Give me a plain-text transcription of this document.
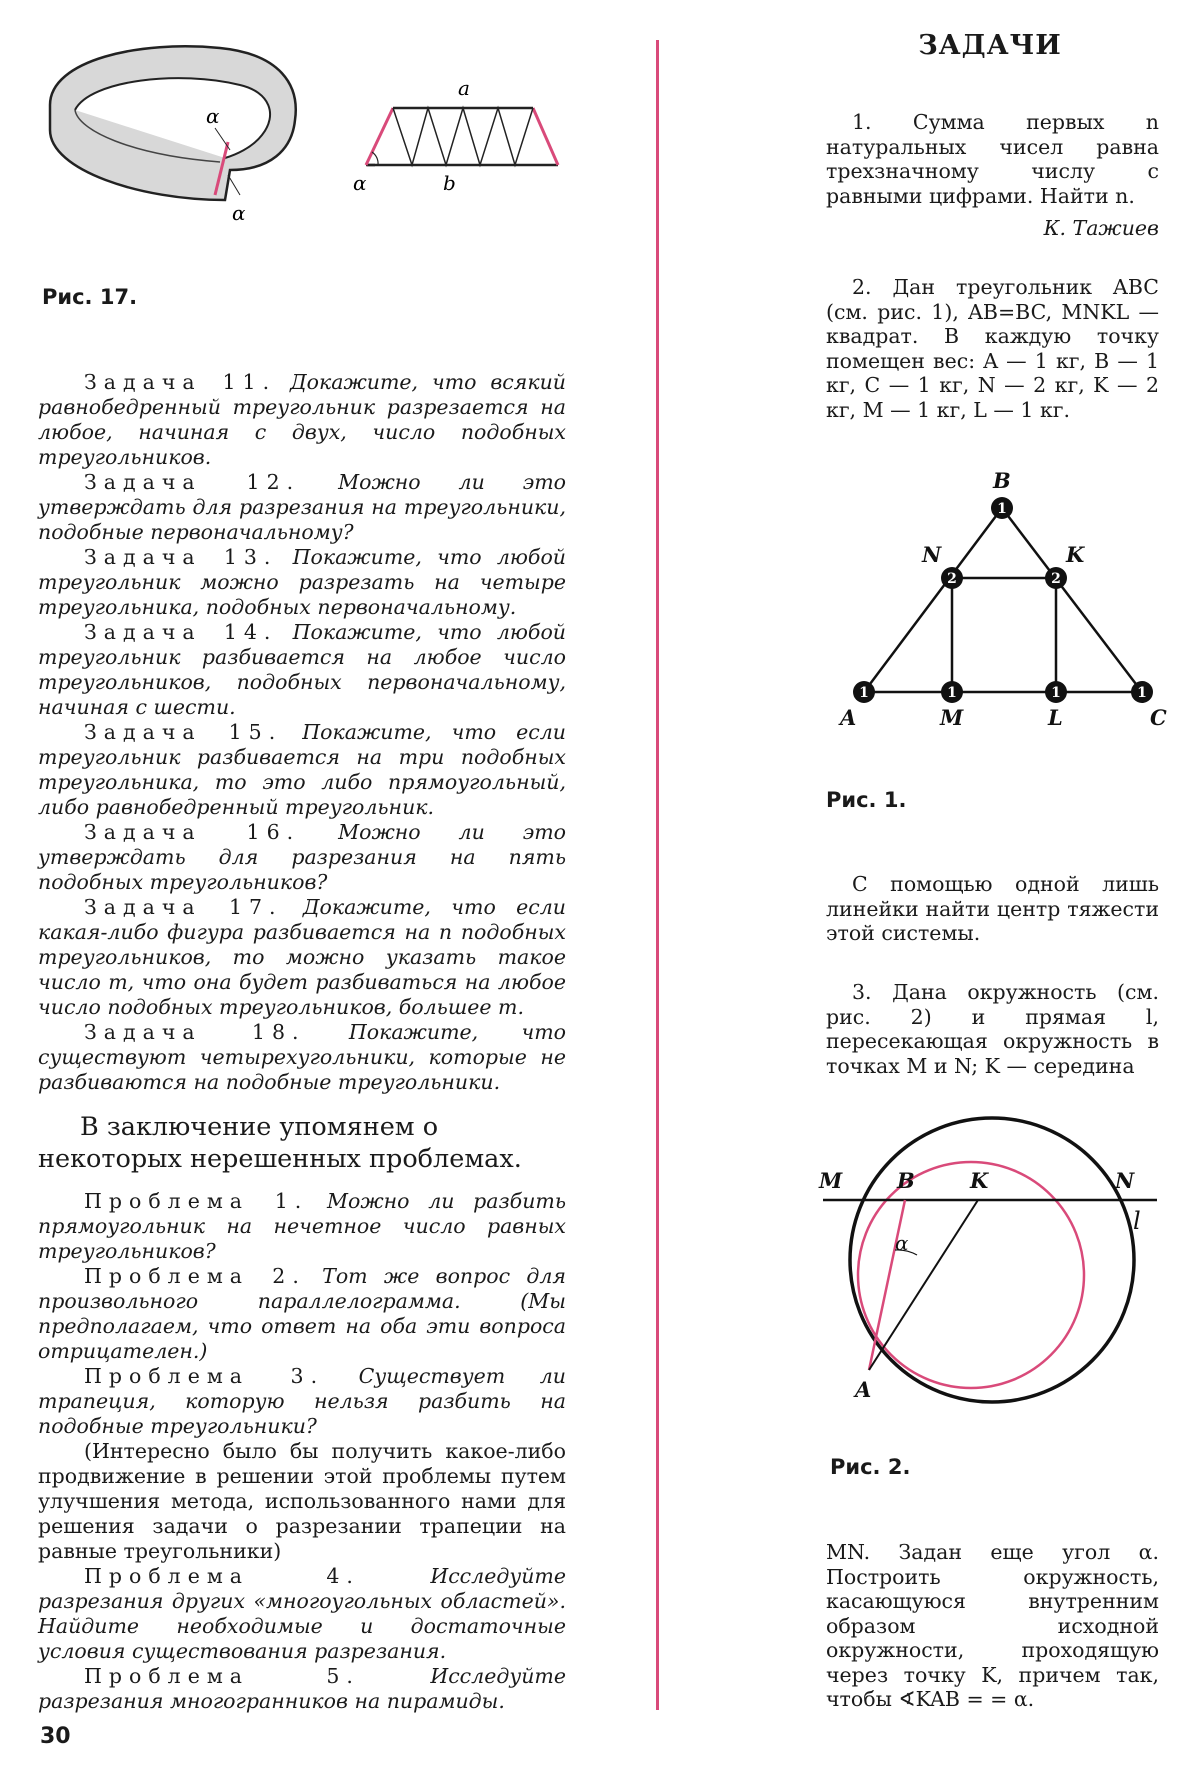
α
α
a
b
α
Рис. 17.

Задача 11. Докажите, что всякий равнобедренный треугольник разрезается на любое, начиная с двух, число подобных треугольников.

Задача 12. Можно ли это утверждать для разрезания на треугольники, подобные первоначальному?

Задача 13. Покажите, что любой треугольник можно разрезать на четыре треугольника, подобных первоначальному.

Задача 14. Покажите, что любой треугольник разбивается на любое число треугольников, подобных первоначальному, начиная с шести.

Задача 15. Покажите, что если треугольник разбивается на три подобных треугольника, то это либо прямоугольный, либо равнобедренный треугольник.

Задача 16. Можно ли это утверждать для разрезания на пять подобных треугольников?

Задача 17. Докажите, что если какая-либо фигура разбивается на n подобных треугольников, то можно указать такое число m, что она будет разбиваться на любое число подобных треугольников, большее m.

Задача 18. Покажите, что существуют четырехугольники, которые не разбиваются на подобные треугольники.

В заключение упомянем о некоторых нерешенных проблемах.

Проблема 1. Можно ли разбить прямоугольник на нечетное число равных треугольников?

Проблема 2. Тот же вопрос для произвольного параллелограмма. (Мы предполагаем, что ответ на оба эти вопроса отрицателен.)

Проблема 3. Существует ли трапеция, которую нельзя разбить на подобные треугольники?

(Интересно было бы получить какое-либо продвижение в решении этой проблемы путем улучшения метода, использованного нами для решения задачи о разрезании трапеции на равные треугольники)

Проблема 4.	Исследуйте разрезания других «многоугольных областей». Найдите необходимые и достаточные условия существования разрезания.

Проблема 5.	Исследуйте разрезания многогранников на пирамиды.

30
ЗАДАЧИ

1. Сумма первых n натуральных чисел равна трехзначному числу с равными цифрами. Найти n.

К. Тажиев

2. Дан треугольник ABC (см. рис. 1), AB=BC, MNKL — квадрат. В каждую точку помещен вес: A — 1 кг, B — 1 кг, C — 1 кг, N — 2 кг, K — 2 кг, M — 1 кг, L — 1 кг.

1	1	1	1
2	2
1
A	M	L	C
N	K
B
Рис. 1.

С помощью одной лишь линейки найти центр тяжести этой системы.

3. Дана окружность (см. рис. 2) и прямая l, пересекающая окружность в точках M и N; K — середина

M	B	K	N
A
l
α
Рис. 2.

MN. Задан еще угол α. Построить окружность, касающуюся внутренним образом исходной окружности, проходящую через точку K, причем так, чтобы ∢KAB = = α.
